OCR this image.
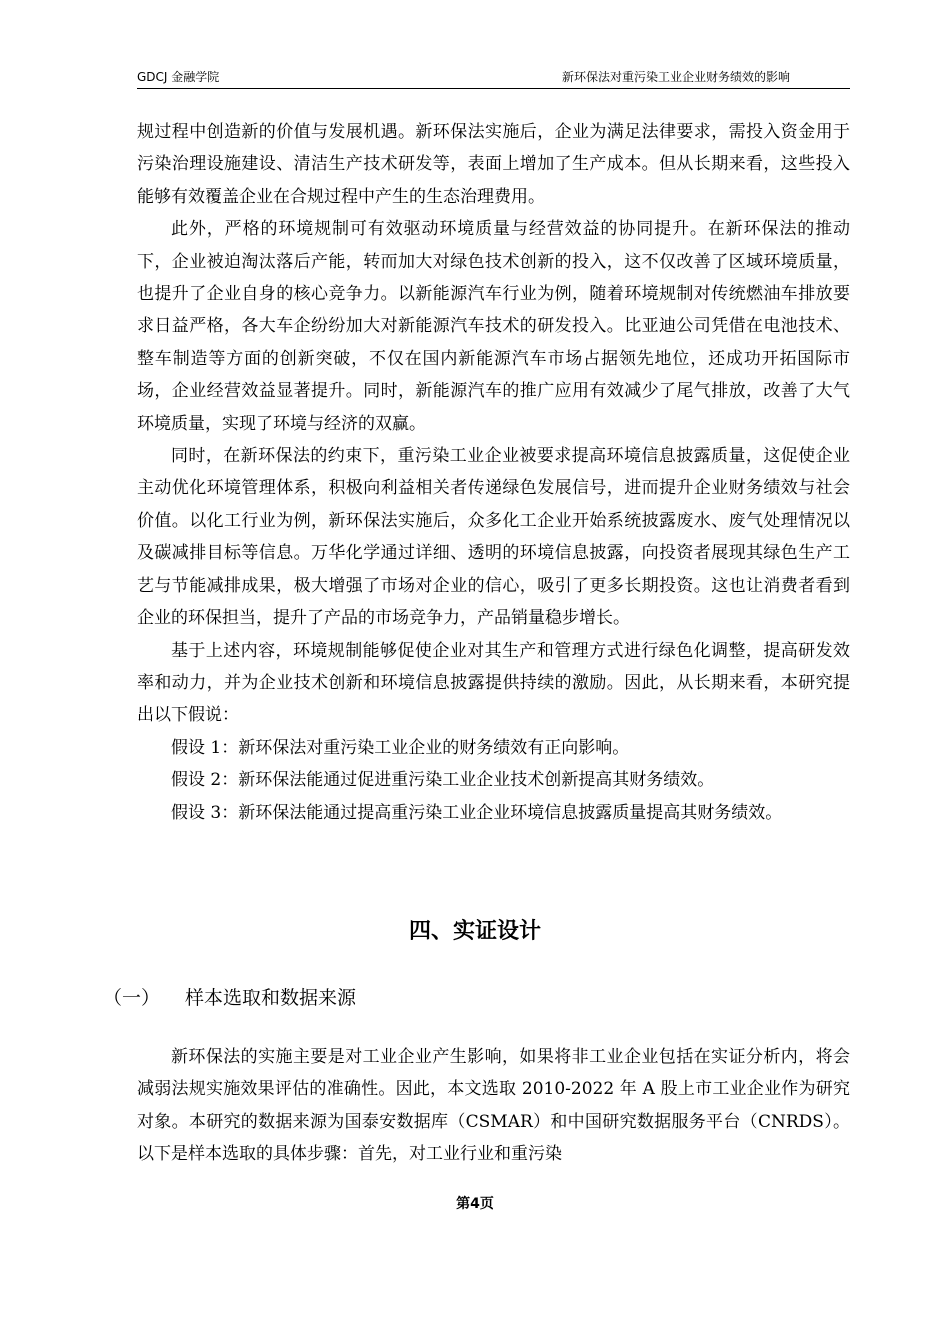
GDCJ 金融学院	新环保法对重污染工业企业财务绩效的影响

规过程中创造新的价值与发展机遇。新环保法实施后，企业为满足法律要求，需投入资金用于污染治理设施建设、清洁生产技术研发等，表面上增加了生产成本。但从长期来看，这些投入能够有效覆盖企业在合规过程中产生的生态治理费用。

此外，严格的环境规制可有效驱动环境质量与经营效益的协同提升。在新环保法的推动下，企业被迫淘汰落后产能，转而加大对绿色技术创新的投入，这不仅改善了区域环境质量，也提升了企业自身的核心竞争力。以新能源汽车行业为例，随着环境规制对传统燃油车排放要求日益严格，各大车企纷纷加大对新能源汽车技术的研发投入。比亚迪公司凭借在电池技术、整车制造等方面的创新突破，不仅在国内新能源汽车市场占据领先地位，还成功开拓国际市场，企业经营效益显著提升。同时，新能源汽车的推广应用有效减少了尾气排放，改善了大气环境质量，实现了环境与经济的双赢。

同时，在新环保法的约束下，重污染工业企业被要求提高环境信息披露质量，这促使企业主动优化环境管理体系，积极向利益相关者传递绿色发展信号，进而提升企业财务绩效与社会价值。以化工行业为例，新环保法实施后，众多化工企业开始系统披露废水、废气处理情况以及碳减排目标等信息。万华化学通过详细、透明的环境信息披露，向投资者展现其绿色生产工艺与节能减排成果，极大增强了市场对企业的信心，吸引了更多长期投资。这也让消费者看到企业的环保担当，提升了产品的市场竞争力，产品销量稳步增长。

基于上述内容，环境规制能够促使企业对其生产和管理方式进行绿色化调整，提高研发效率和动力，并为企业技术创新和环境信息披露提供持续的激励。因此，从长期来看，本研究提出以下假说：

假设 1：新环保法对重污染工业企业的财务绩效有正向影响。

假设 2：新环保法能通过促进重污染工业企业技术创新提高其财务绩效。

假设 3：新环保法能通过提高重污染工业企业环境信息披露质量提高其财务绩效。

四、实证设计
（一） 样本选取和数据来源

新环保法的实施主要是对工业企业产生影响，如果将非工业企业包括在实证分析内，将会减弱法规实施效果评估的准确性。因此，本文选取 2010-2022 年 A 股上市工业企业作为研究对象。本研究的数据来源为国泰安数据库（CSMAR）和中国研究数据服务平台（CNRDS）。以下是样本选取的具体步骤：首先，对工业行业和重污染

第4页
